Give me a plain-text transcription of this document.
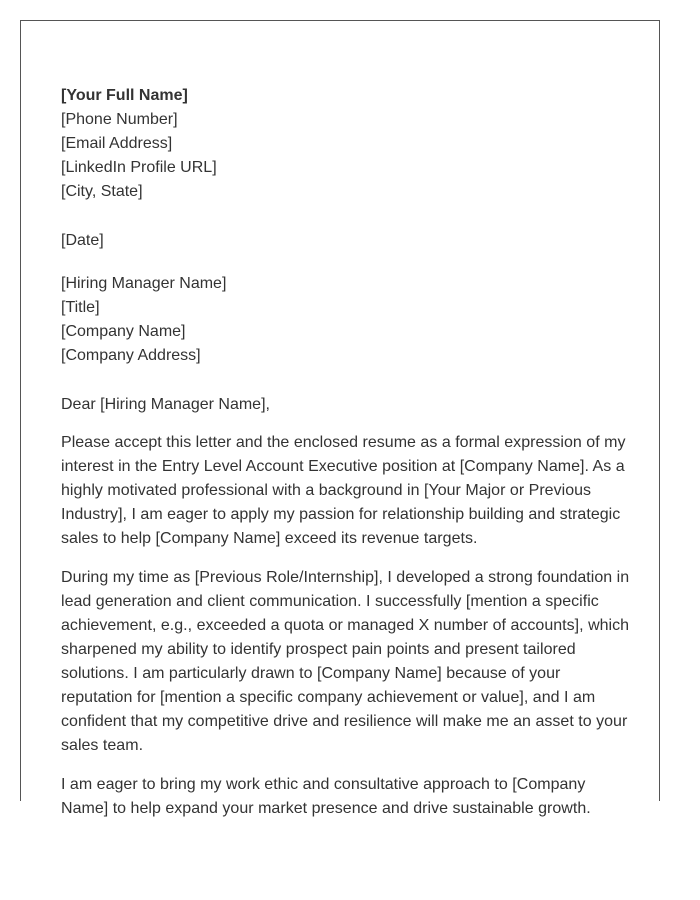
[Your Full Name]
[Phone Number]
[Email Address]
[LinkedIn Profile URL]
[City, State]
[Date]
[Hiring Manager Name]
[Title]
[Company Name]
[Company Address]
Dear [Hiring Manager Name],

Please accept this letter and the enclosed resume as a formal expression of my interest in the Entry Level Account Executive position at [Company Name]. As a highly motivated professional with a background in [Your Major or Previous Industry], I am eager to apply my passion for relationship building and strategic sales to help [Company Name] exceed its revenue targets.

During my time as [Previous Role/Internship], I developed a strong foundation in lead generation and client communication. I successfully [mention a specific achievement, e.g., exceeded a quota or managed X number of accounts], which sharpened my ability to identify prospect pain points and present tailored solutions. I am particularly drawn to [Company Name] because of your reputation for [mention a specific company achievement or value], and I am confident that my competitive drive and resilience will make me an asset to your sales team.

I am eager to bring my work ethic and consultative approach to [Company Name] to help expand your market presence and drive sustainable growth.
